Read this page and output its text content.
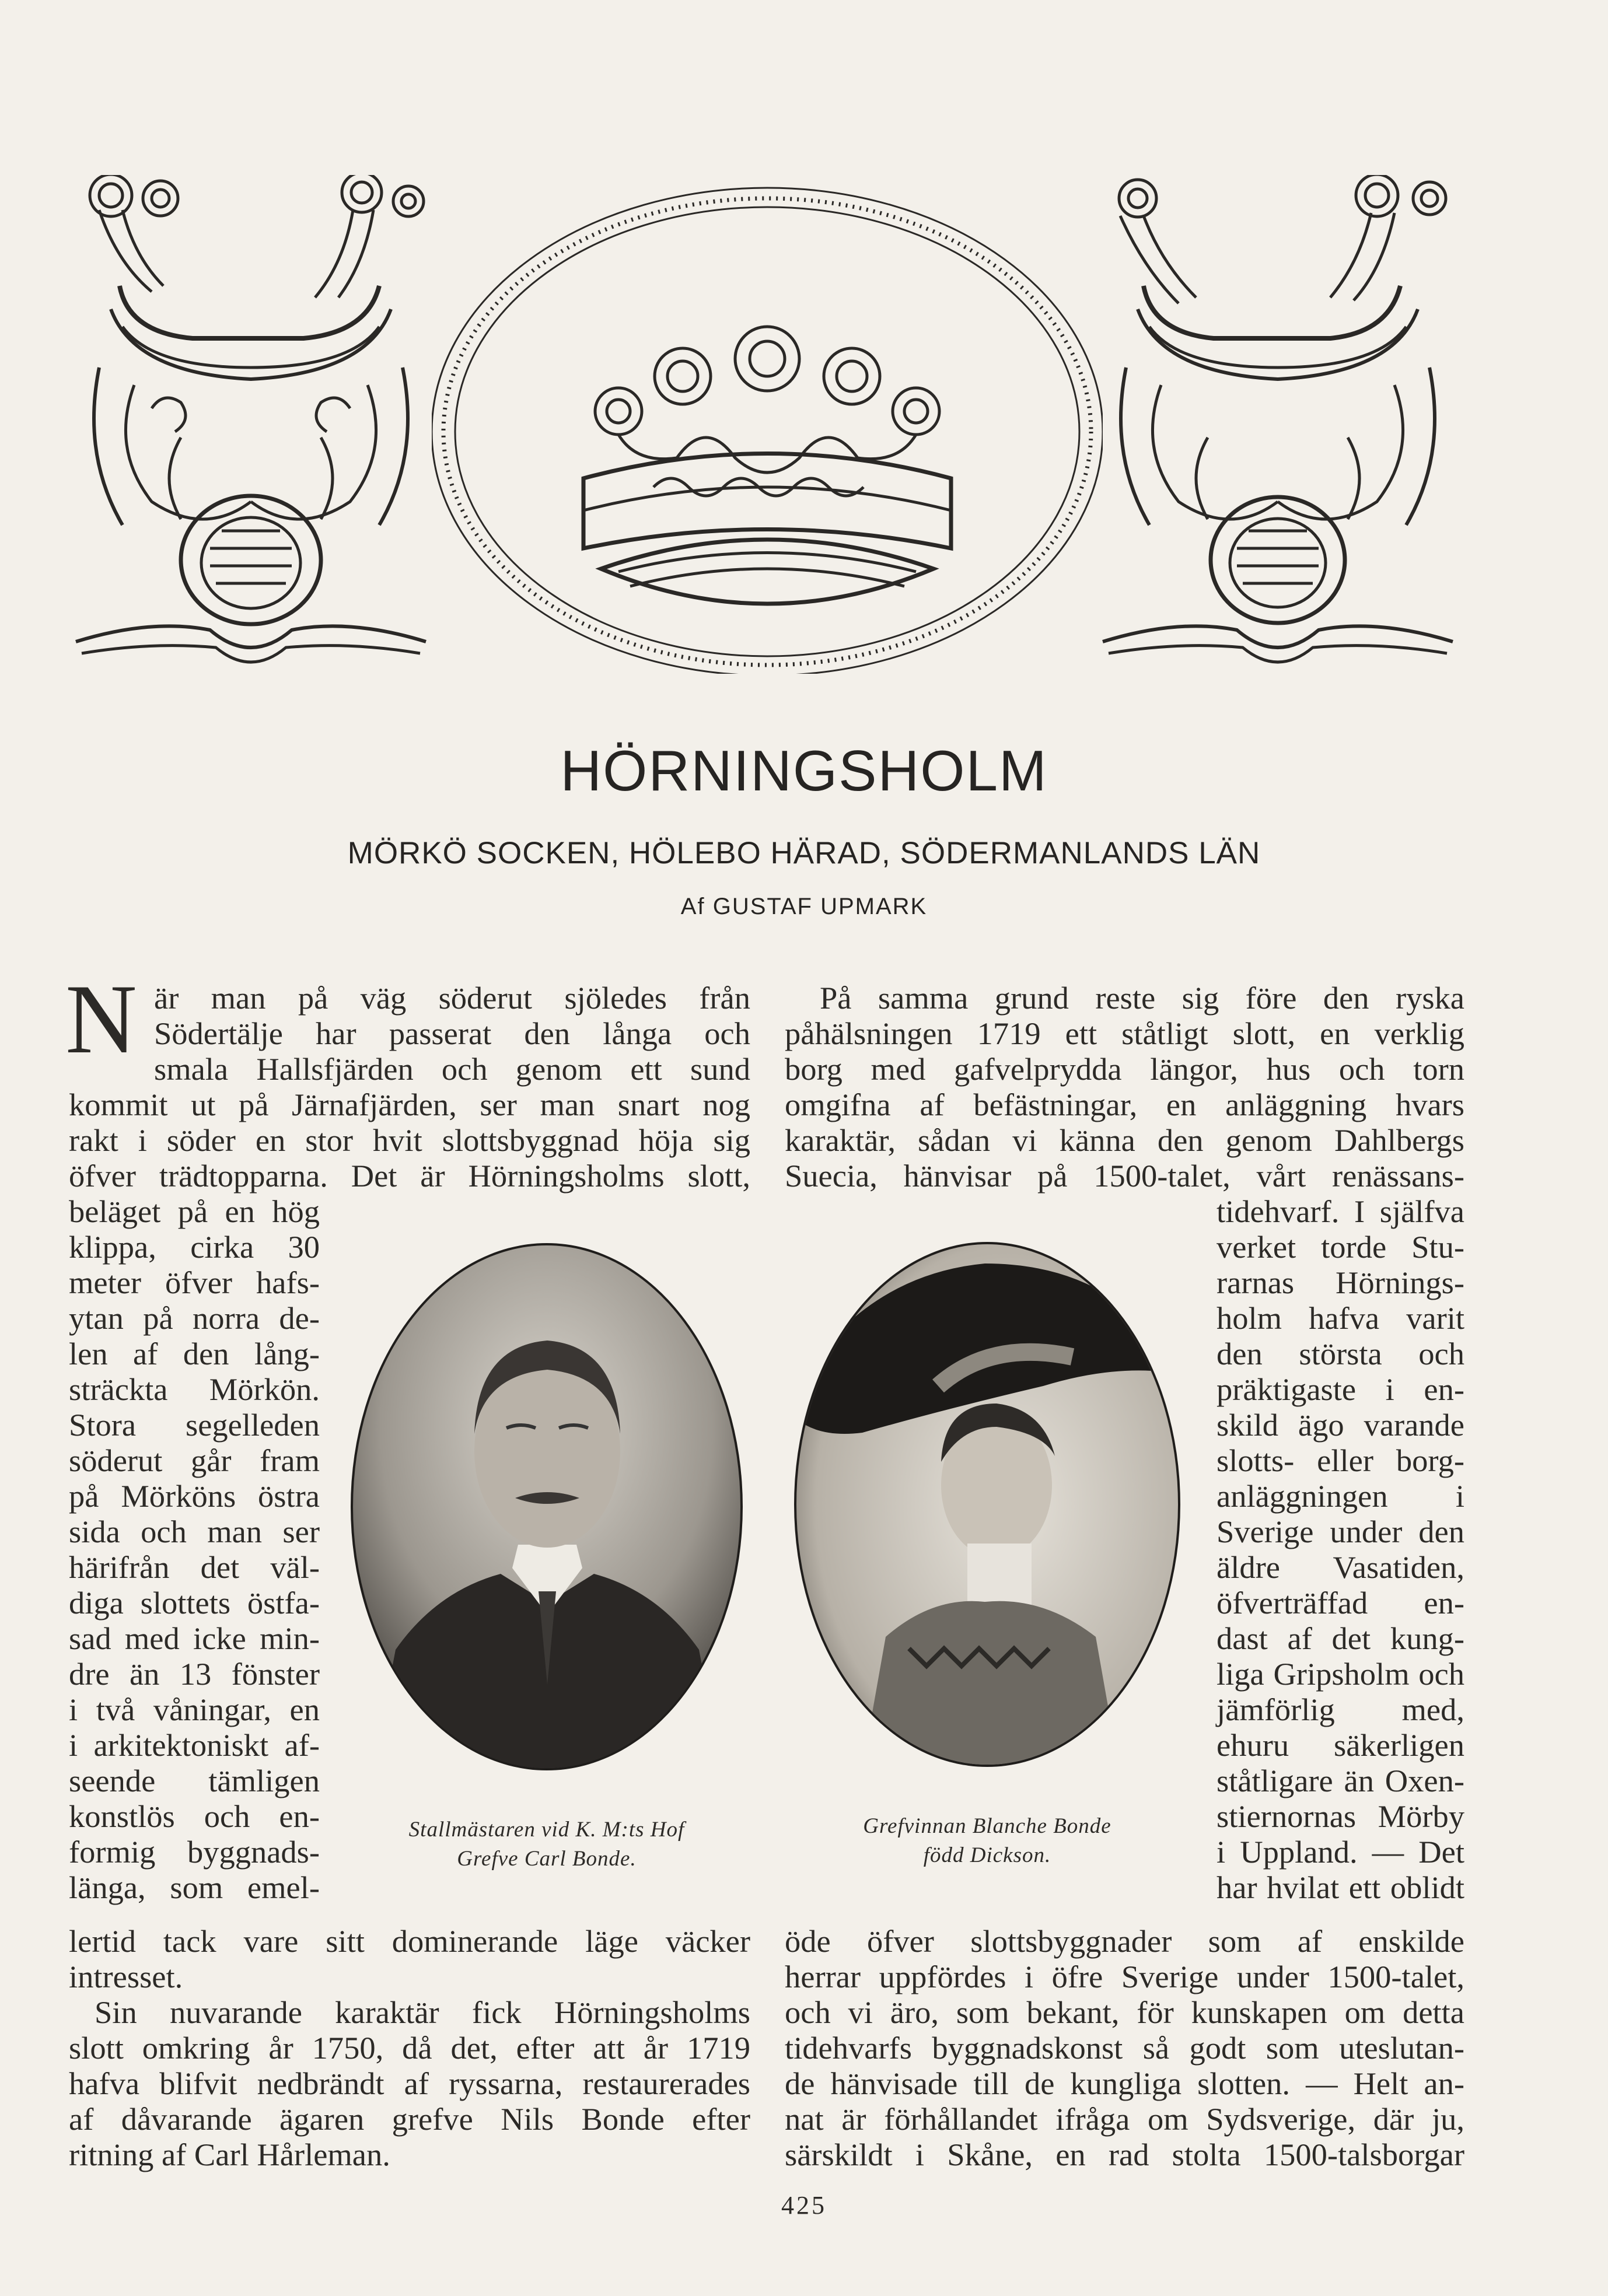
HÖRNINGSHOLM
MÖRKÖ SOCKEN, HÖLEBO HÄRAD, SÖDERMANLANDS LÄN
Af GUSTAF UPMARK
N är man på väg söderut sjöledes från
Södertälje har passerat den långa och
smala Hallsfjärden och genom ett sund
kommit ut på Järnafjärden, ser man snart nog
rakt i söder en stor hvit slottsbyggnad höja sig
öfver trädtopparna. Det är Hörningsholms slott,
beläget på en hög
klippa, cirka 30
meter öfver hafs-
ytan på norra de-
len af den lång-
sträckta Mörkön.
Stora segelleden
söderut går fram
på Mörköns östra
sida och man ser
härifrån det väl-
diga slottets östfa-
sad med icke min-
dre än 13 fönster
i två våningar, en
i arkitektoniskt af-
seende tämligen
konstlös och en-
formig byggnads-
länga, som emel-
lertid tack vare sitt dominerande läge väcker
intresset.
Sin nuvarande karaktär fick Hörningsholms
slott omkring år 1750, då det, efter att år 1719
hafva blifvit nedbrändt af ryssarna, restaurerades
af dåvarande ägaren grefve Nils Bonde efter
ritning af Carl Hårleman.
På samma grund reste sig före den ryska
påhälsningen 1719 ett ståtligt slott, en verklig
borg med gafvelprydda längor, hus och torn
omgifna af befästningar, en anläggning hvars
karaktär, sådan vi känna den genom Dahlbergs
Suecia, hänvisar på 1500-talet, vårt renässans-
tidehvarf. I själfva
verket torde Stu-
rarnas Hörnings-
holm hafva varit
den största och
präktigaste i en-
skild ägo varande
slotts- eller borg-
anläggningen i
Sverige under den
äldre Vasatiden,
öfverträffad en-
dast af det kung-
liga Gripsholm och
jämförlig med,
ehuru säkerligen
ståtligare än Oxen-
stiernornas Mörby
i Uppland. — Det
har hvilat ett oblidt
öde öfver slottsbyggnader som af enskilde
herrar uppfördes i öfre Sverige under 1500-talet,
och vi äro, som bekant, för kunskapen om detta
tidehvarfs byggnadskonst så godt som uteslutan-
de hänvisade till de kungliga slotten. — Helt an-
nat är förhållandet ifråga om Sydsverige, där ju,
särskildt i Skåne, en rad stolta 1500-talsborgar
Stallmästaren vid K. M:ts Hof
Grefve Carl Bonde.
Grefvinnan Blanche Bonde
född Dickson.
425
